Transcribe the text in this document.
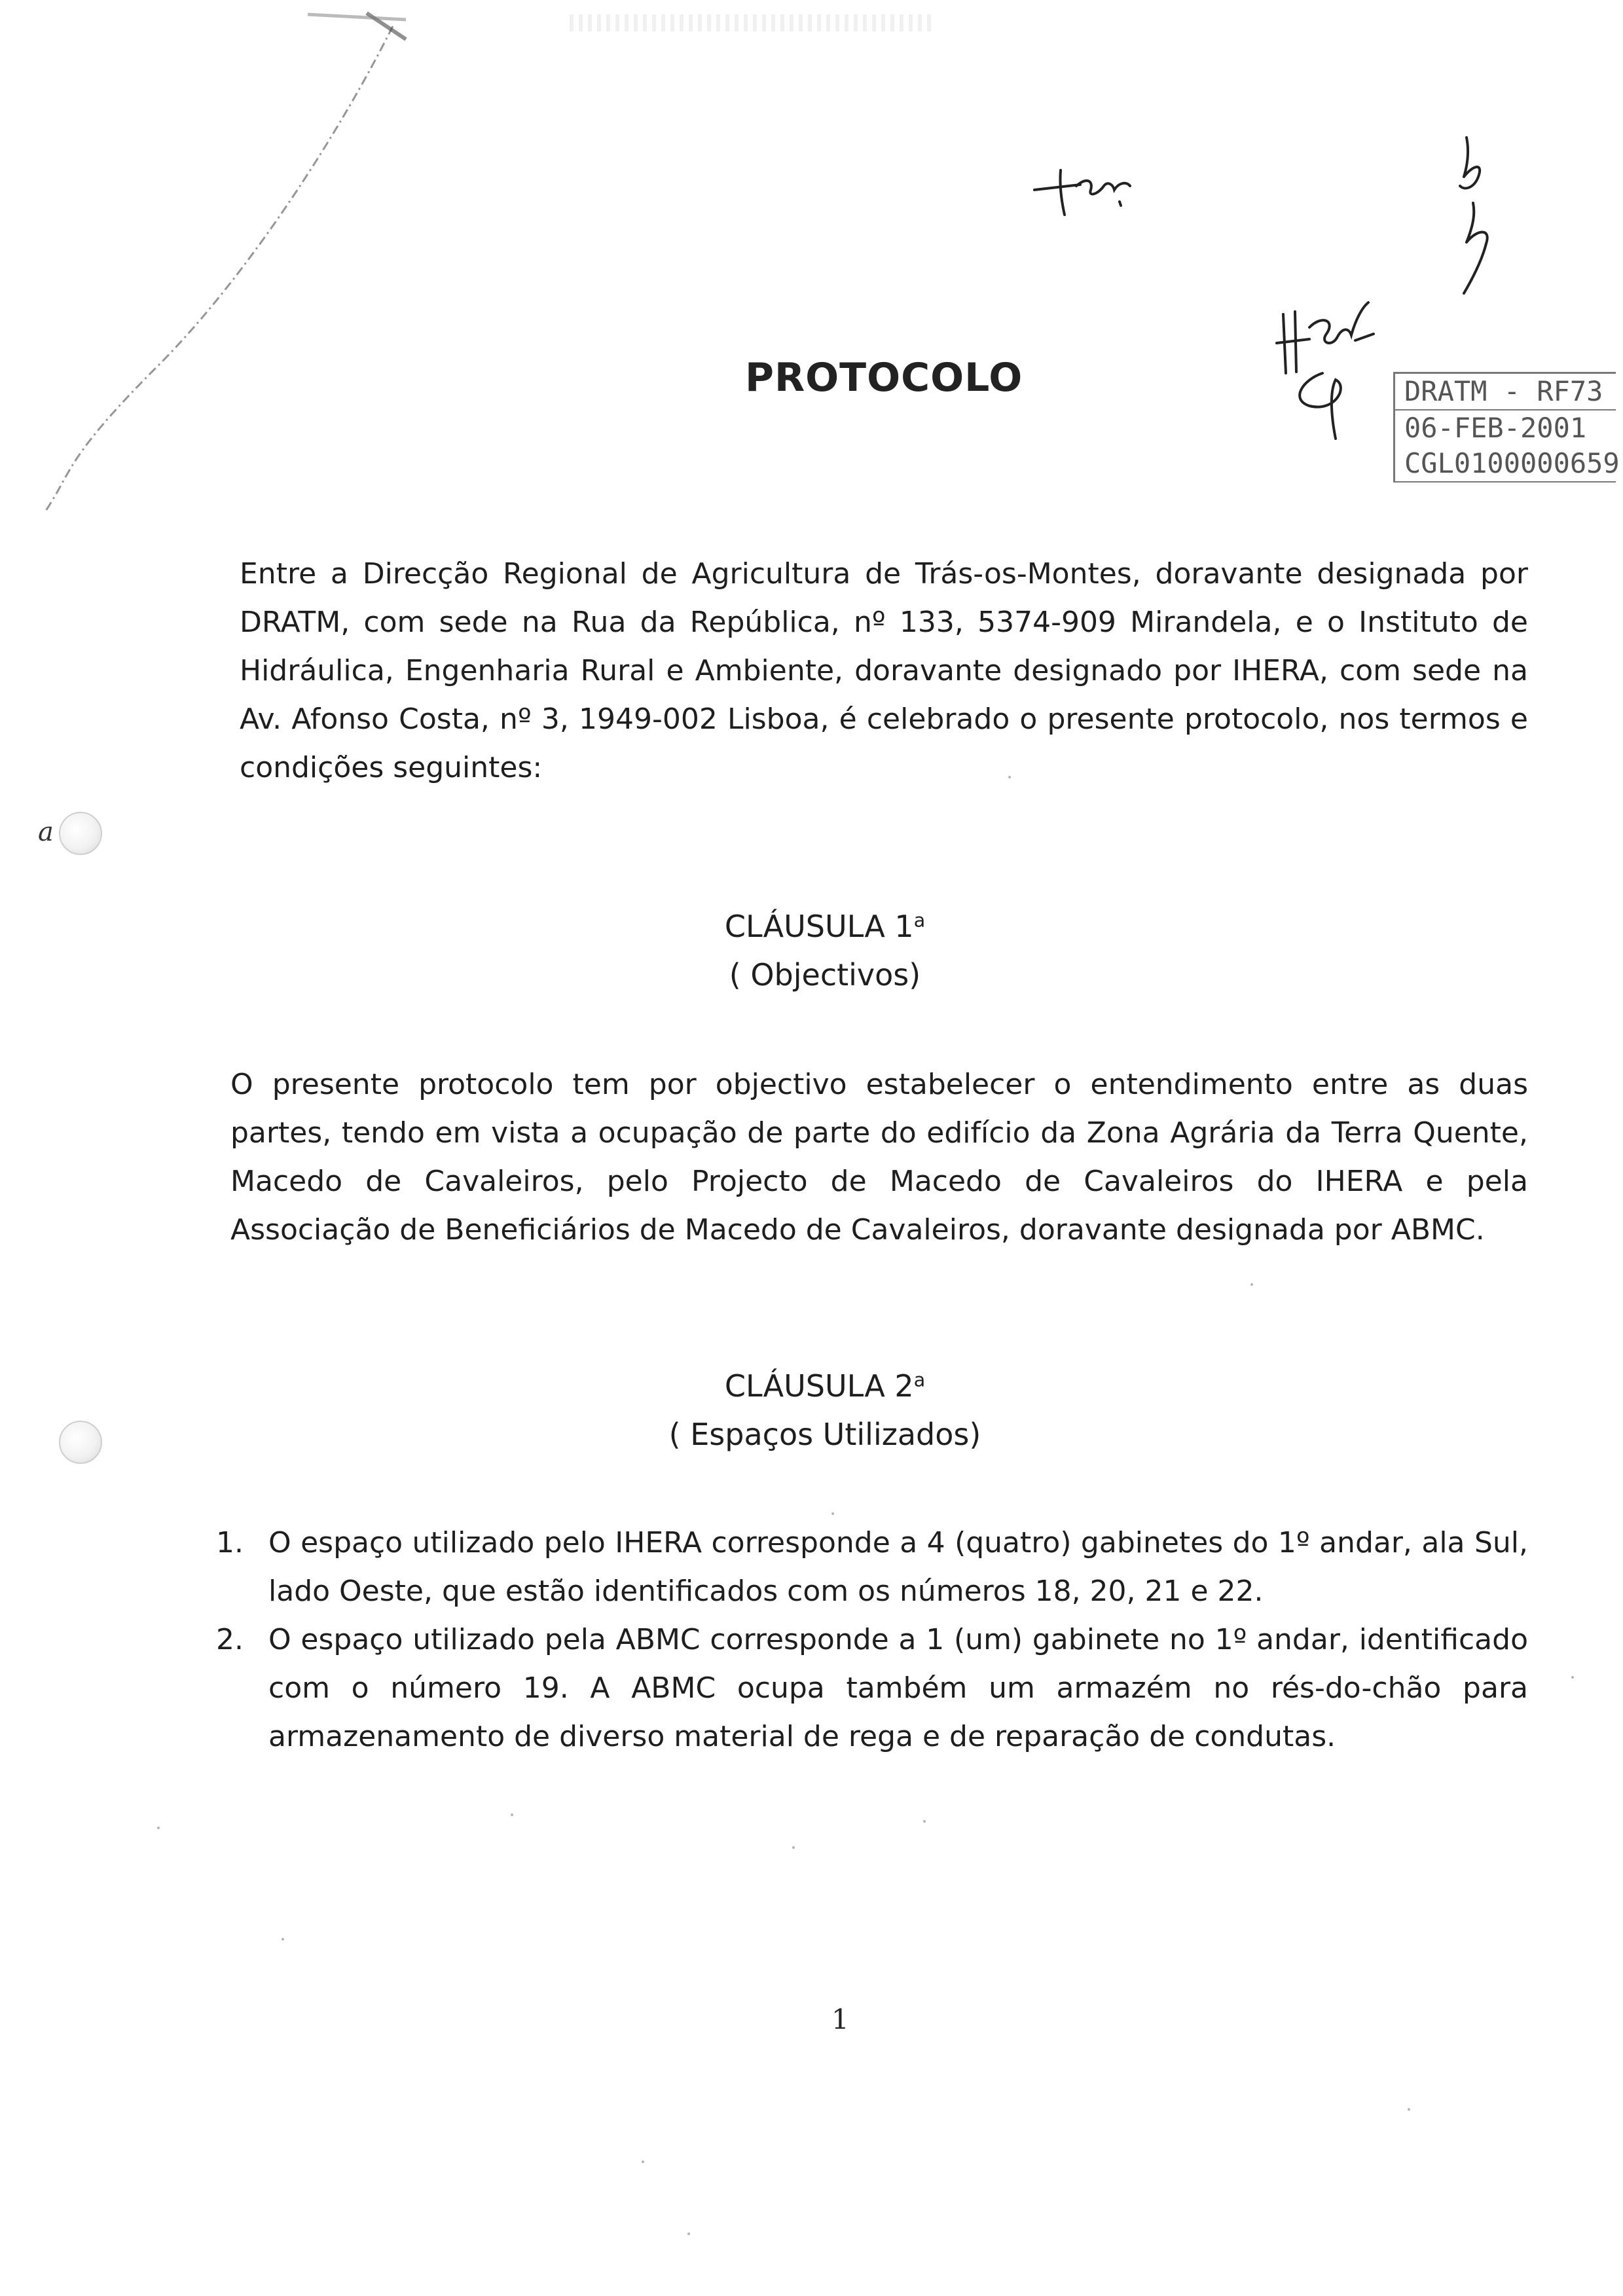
DRATM - RF73
06-FEB-2001
CGL0100000659
a
PROTOCOLO
Entre a Direcção Regional de Agricultura de Trás-os-Montes, doravante designada por DRATM, com sede na Rua da República, nº 133, 5374-909 Mirandela, e o Instituto de Hidráulica, Engenharia Rural e Ambiente, doravante designado por IHERA, com sede na Av. Afonso Costa, nº 3, 1949-002 Lisboa, é celebrado o presente protocolo, nos termos e condições seguintes:
CLÁUSULA 1$^a$
( Objectivos)
O presente protocolo tem por objectivo estabelecer o entendimento entre as duas partes, tendo em vista a ocupação de parte do edifício da Zona Agrária da Terra Quente, Macedo de Cavaleiros, pelo Projecto de Macedo de Cavaleiros do IHERA e pela Associação de Beneficiários de Macedo de Cavaleiros, doravante designada por ABMC.
CLÁUSULA 2$^a$
( Espaços Utilizados)
1. O espaço utilizado pelo IHERA corresponde a 4 (quatro) gabinetes do 1º andar, ala Sul, lado Oeste, que estão identificados com os números 18, 20, 21 e 22.
2. O espaço utilizado pela ABMC corresponde a 1 (um) gabinete no 1º andar, identificado com o número 19. A ABMC ocupa também um armazém no rés-do-chão para armazenamento de diverso material de rega e de reparação de condutas.
1
